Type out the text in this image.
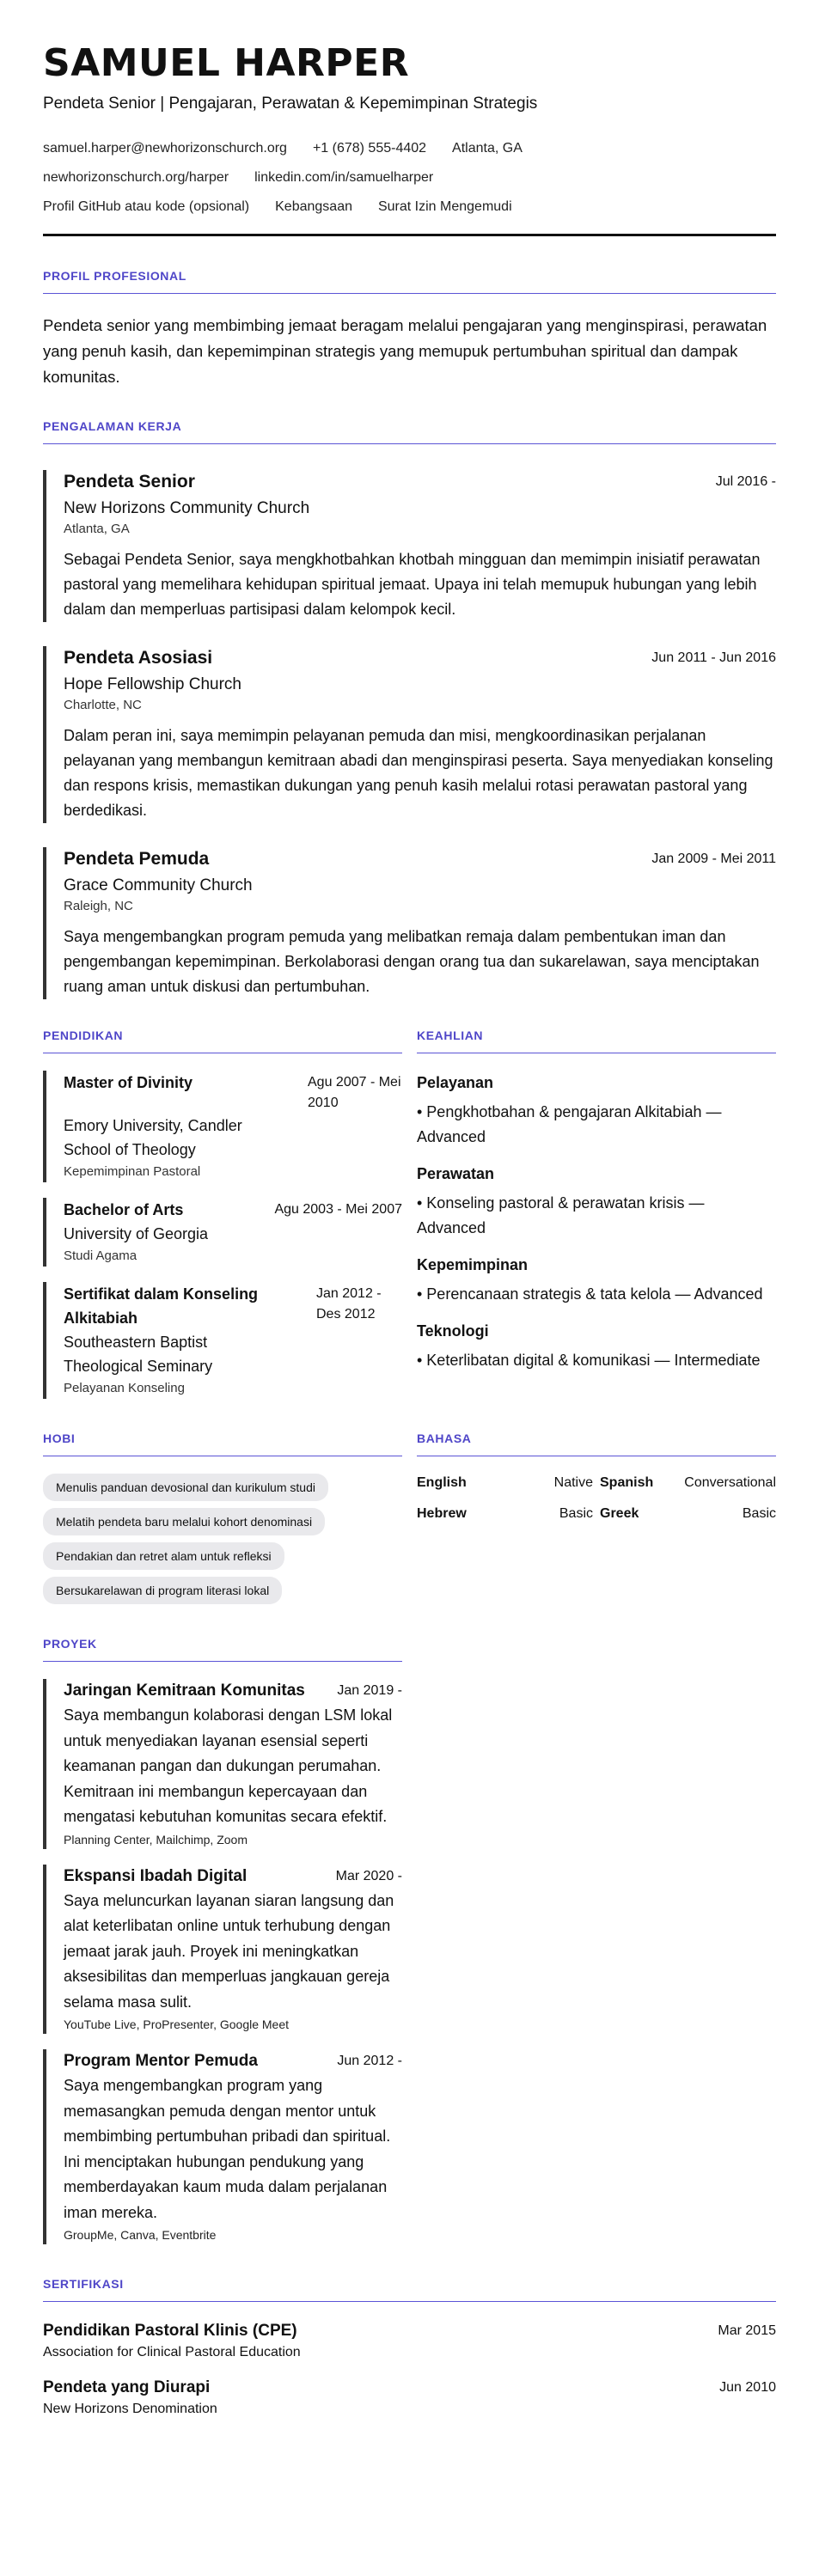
SAMUEL HARPER
Pendeta Senior | Pengajaran, Perawatan & Kepemimpinan Strategis
samuel.harper@newhorizonschurch.org +1 (678) 555-4402 Atlanta, GA
newhorizonschurch.org/harper linkedin.com/in/samuelharper
Profil GitHub atau kode (opsional) Kebangsaan Surat Izin Mengemudi
PROFIL PROFESIONAL
Pendeta senior yang membimbing jemaat beragam melalui pengajaran yang menginspirasi, perawatan yang penuh kasih, dan kepemimpinan strategis yang memupuk pertumbuhan spiritual dan dampak komunitas.
PENGALAMAN KERJA
Pendeta Senior	Jul 2016 -
New Horizons Community Church
Atlanta, GA
Sebagai Pendeta Senior, saya mengkhotbahkan khotbah mingguan dan memimpin inisiatif perawatan pastoral yang memelihara kehidupan spiritual jemaat. Upaya ini telah memupuk hubungan yang lebih dalam dan memperluas partisipasi dalam kelompok kecil.
Pendeta Asosiasi	Jun 2011 - Jun 2016
Hope Fellowship Church
Charlotte, NC
Dalam peran ini, saya memimpin pelayanan pemuda dan misi, mengkoordinasikan perjalanan pelayanan yang membangun kemitraan abadi dan menginspirasi peserta. Saya menyediakan konseling dan respons krisis, memastikan dukungan yang penuh kasih melalui rotasi perawatan pastoral yang berdedikasi.
Pendeta Pemuda	Jan 2009 - Mei 2011
Grace Community Church
Raleigh, NC
Saya mengembangkan program pemuda yang melibatkan remaja dalam pembentukan iman dan pengembangan kepemimpinan. Berkolaborasi dengan orang tua dan sukarelawan, saya menciptakan ruang aman untuk diskusi dan pertumbuhan.
PENDIDIKAN
Master of Divinity	Agu 2007 - Mei 2010
Emory University, Candler School of Theology
Kepemimpinan Pastoral
Bachelor of Arts	Agu 2003 - Mei 2007
University of Georgia
Studi Agama
Sertifikat dalam Konseling Alkitabiah
Jan 2012 - Des 2012
Southeastern Baptist Theological Seminary
Pelayanan Konseling
KEAHLIAN
Pelayanan
• Pengkhotbahan & pengajaran Alkitabiah — Advanced
Perawatan
• Konseling pastoral & perawatan krisis — Advanced
Kepemimpinan
• Perencanaan strategis & tata kelola — Advanced
Teknologi
• Keterlibatan digital & komunikasi — Intermediate
HOBI
Menulis panduan devosional dan kurikulum studi
Melatih pendeta baru melalui kohort denominasi
Pendakian dan retret alam untuk refleksi
Bersukarelawan di program literasi lokal
BAHASA
English	Native Spanish Conversational
Hebrew	Basic Greek	Basic
PROYEK
Jaringan Kemitraan Komunitas Jan 2019 -
Saya membangun kolaborasi dengan LSM lokal untuk menyediakan layanan esensial seperti keamanan pangan dan dukungan perumahan. Kemitraan ini membangun kepercayaan dan mengatasi kebutuhan komunitas secara efektif.
Planning Center, Mailchimp, Zoom
Ekspansi Ibadah Digital	Mar 2020 -
Saya meluncurkan layanan siaran langsung dan alat keterlibatan online untuk terhubung dengan jemaat jarak jauh. Proyek ini meningkatkan aksesibilitas dan memperluas jangkauan gereja selama masa sulit.
YouTube Live, ProPresenter, Google Meet
Program Mentor Pemuda	Jun 2012 -
Saya mengembangkan program yang memasangkan pemuda dengan mentor untuk membimbing pertumbuhan pribadi dan spiritual. Ini menciptakan hubungan pendukung yang memberdayakan kaum muda dalam perjalanan iman mereka.
GroupMe, Canva, Eventbrite
SERTIFIKASI
Pendidikan Pastoral Klinis (CPE)	Mar 2015
Association for Clinical Pastoral Education
Pendeta yang Diurapi	Jun 2010
New Horizons Denomination
